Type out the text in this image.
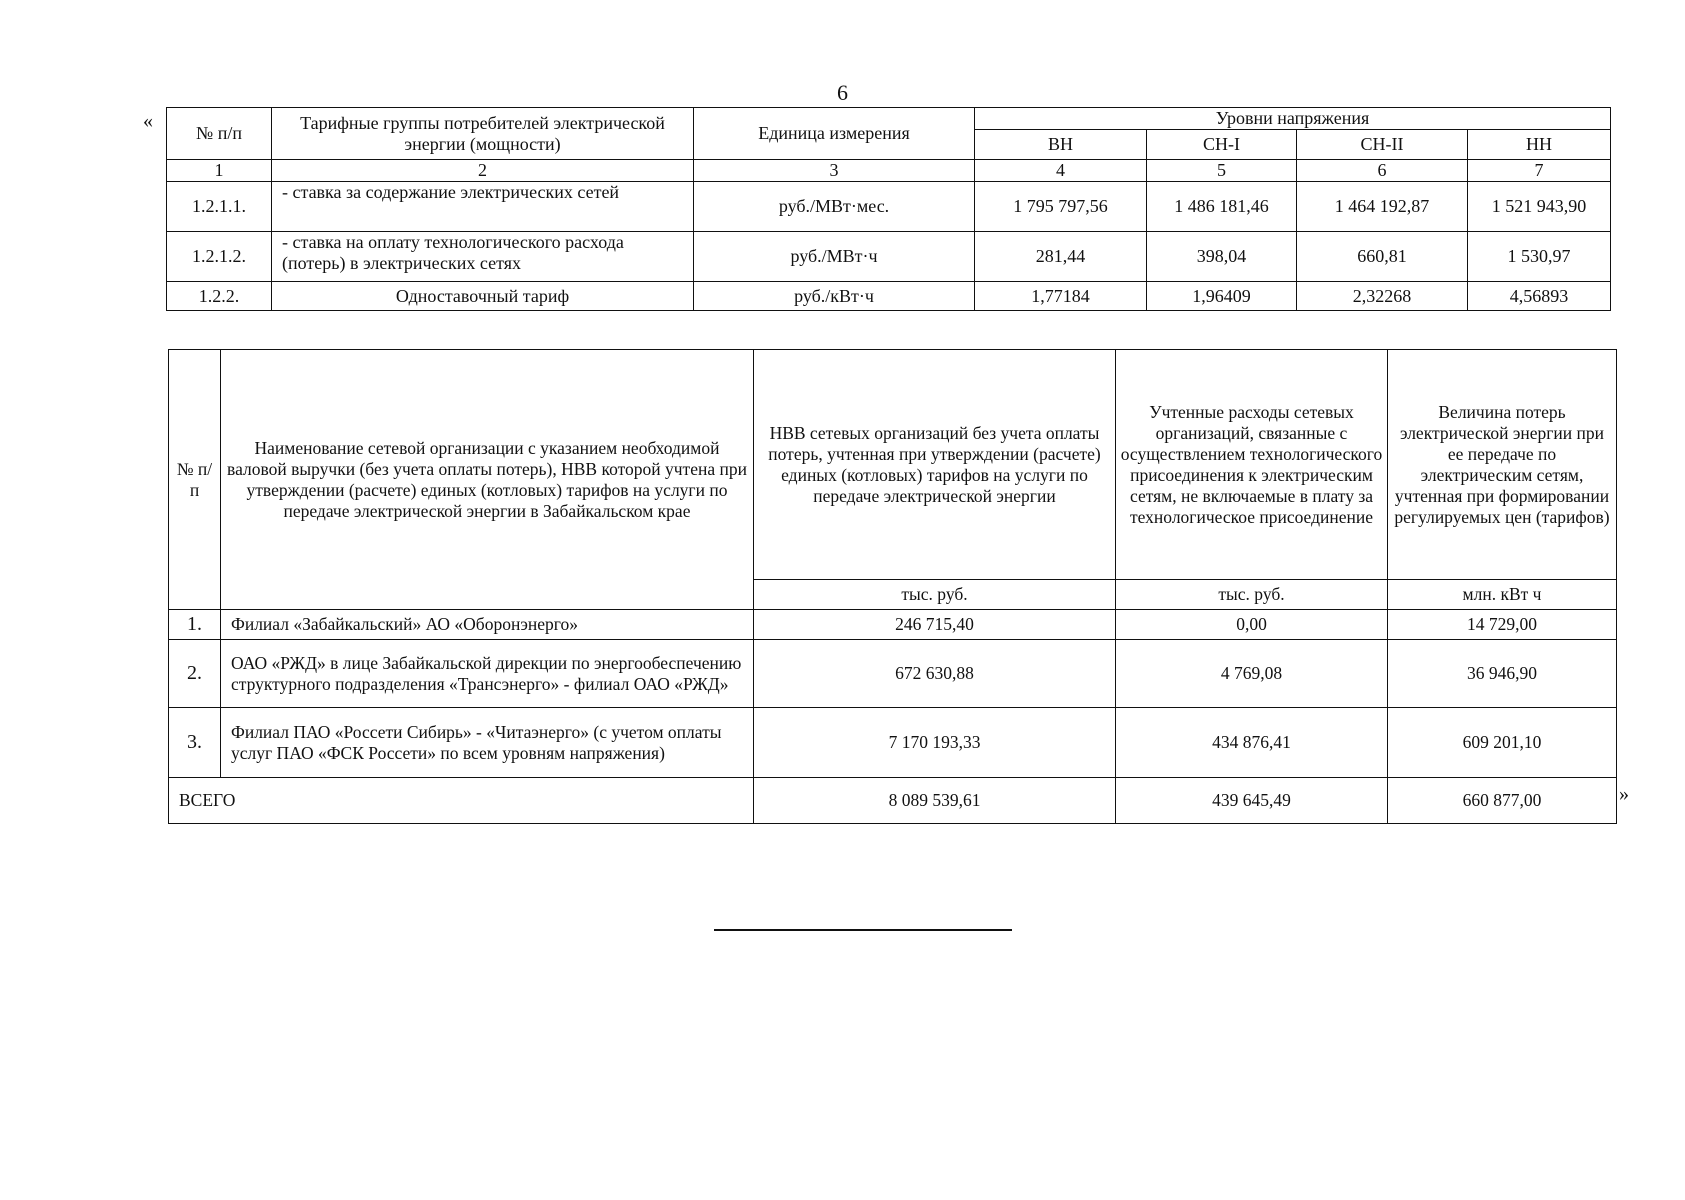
6
«
»
№ п/п	Тарифные группы потребителей электрической энергии (мощности)	Единица измерения	Уровни напряжения			
			ВН	СН-I	СН-II	НН
1	2	3	4	5	6	7
1.2.1.1.	- ставка за содержание электрических сетей	руб./МВт·мес.	1 795 797,56	1 486 181,46	1 464 192,87	1 521 943,90
1.2.1.2.	- ставка на оплату технологического расхода (потерь) в электрических сетях	руб./МВт·ч	281,44	398,04	660,81	1 530,97
1.2.2.	Одноставочный тариф	руб./кВт·ч	1,77184	1,96409	2,32268	4,56893
№ п/п	Наименование сетевой организации с указанием необходимой валовой выручки (без учета оплаты потерь), НВВ которой учтена при утверждении (расчете) единых (котловых) тарифов на услуги по передаче электрической энергии в Забайкальском крае	НВВ сетевых организаций без учета оплаты потерь, учтенная при утверждении (расчете) единых (котловых) тарифов на услуги по передаче электрической энергии	Учтенные расходы сетевых организаций, связанные с осуществлением технологического присоединения к электрическим сетям, не включаемые в плату за технологическое присоединение	Величина потерь электрической энергии при ее передаче по электрическим сетям, учтенная при формировании регулируемых цен (тарифов)
		тыс. руб.	тыс. руб.	млн. кВт ч
1.	Филиал «Забайкальский» АО «Оборонэнерго»	246 715,40	0,00	14 729,00
2.	ОАО «РЖД» в лице Забайкальской дирекции по энергообеспечению структурного подразделения «Трансэнерго» - филиал ОАО «РЖД»	672 630,88	4 769,08	36 946,90
3.	Филиал ПАО «Россети Сибирь» - «Читаэнерго» (с учетом оплаты услуг ПАО «ФСК Россети» по всем уровням напряжения)	7 170 193,33	434 876,41	609 201,10
ВСЕГО		8 089 539,61	439 645,49	660 877,00
